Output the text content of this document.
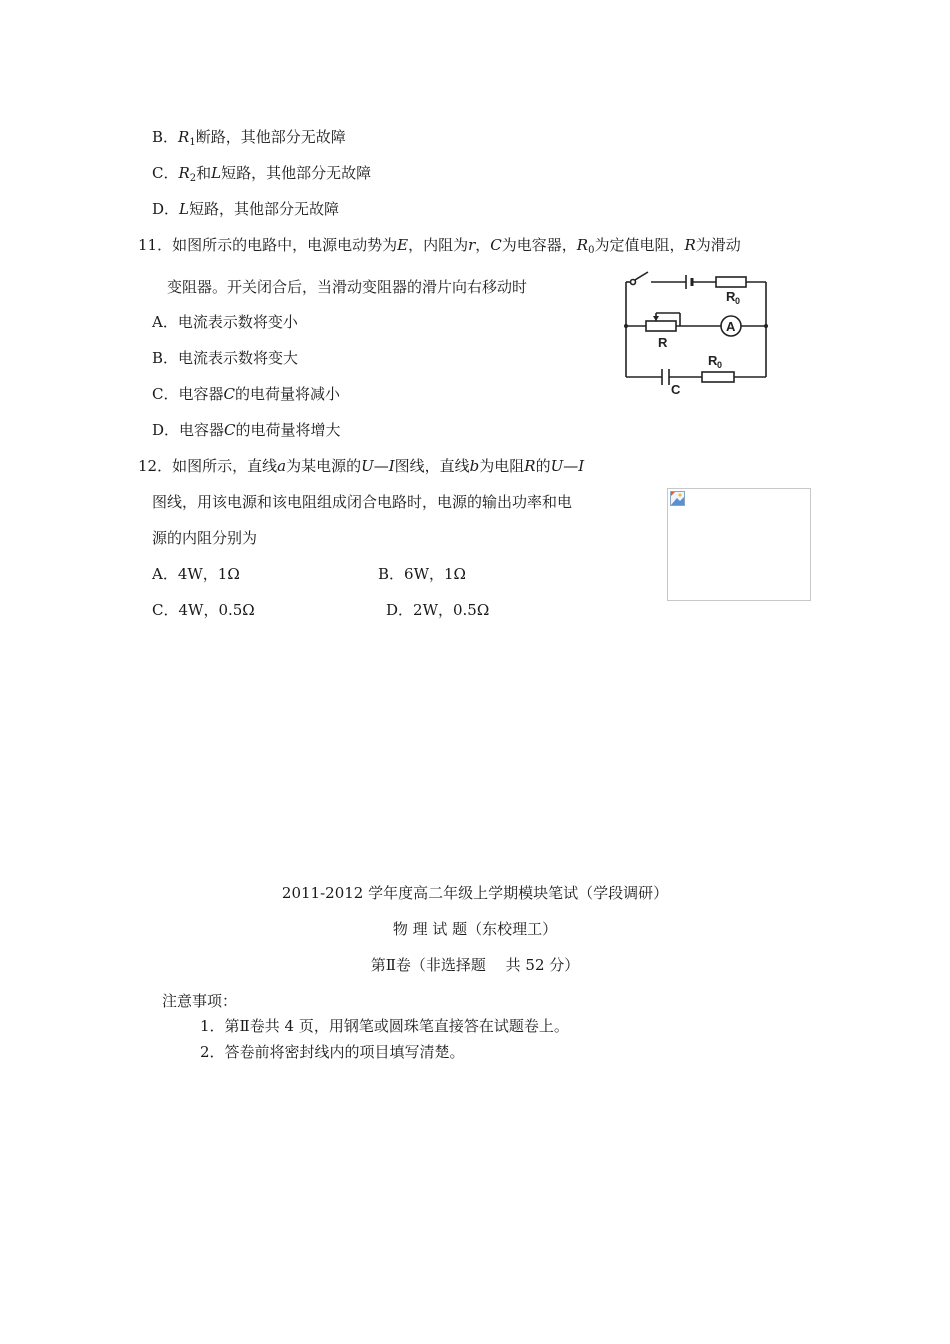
B．$R_1$断路，其他部分无故障
C．$R_2$和L短路，其他部分无故障
D．L短路，其他部分无故障
11．如图所示的电路中，电源电动势为E，内阻为r，C为电容器，$R_0$为定值电阻，R为滑动
变阻器。开关闭合后，当滑动变阻器的滑片向右移动时
A．电流表示数将变小
B．电流表示数将变大
C．电容器C的电荷量将减小
D．电容器C的电荷量将增大
R 0
R
A
R 0
C
12．如图所示，直线a为某电源的U—I图线，直线b为电阻R的U—I
图线，用该电源和该电阻组成闭合电路时，电源的输出功率和电
源的内阻分别为
A．4W，1Ω	B．6W，1Ω
C．4W，0.5Ω	D．2W，0.5Ω
2011-2012 学年度高二年级上学期模块笔试（学段调研）
物 理 试 题（东校理工）
第Ⅱ卷（非选择题　 共 52 分）
注意事项：
1．第Ⅱ卷共 4 页，用钢笔或圆珠笔直接答在试题卷上。
2．答卷前将密封线内的项目填写清楚。
